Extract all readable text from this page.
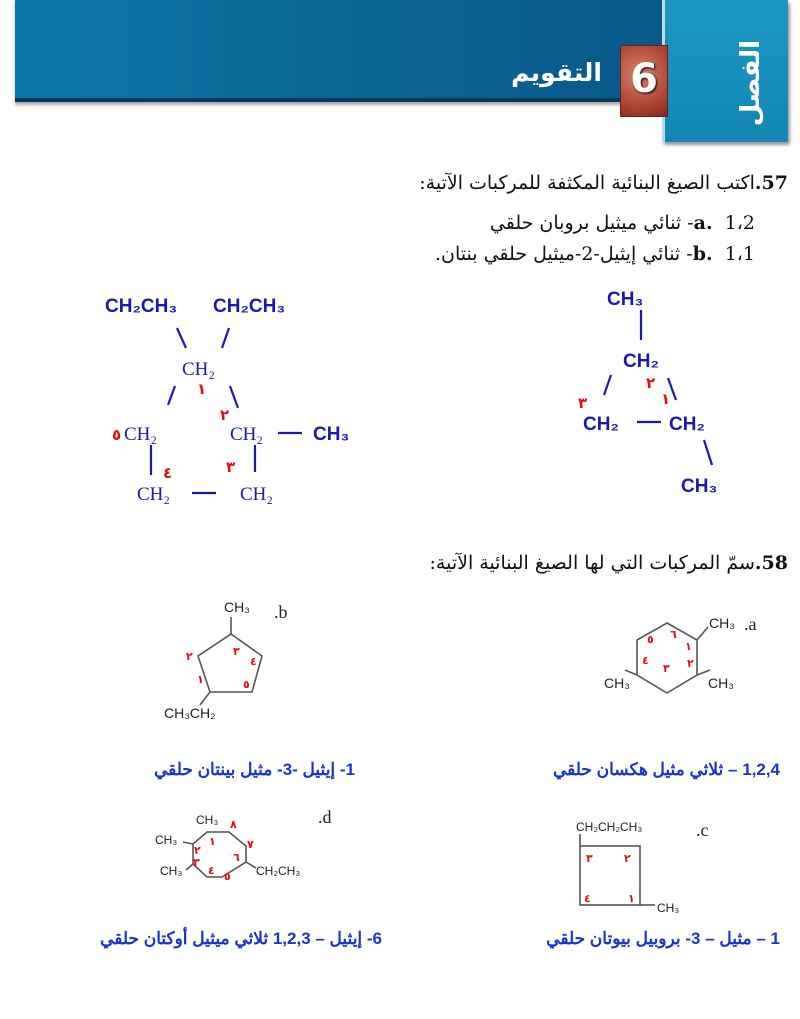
الفصل
6
التقويم
57.اكتب الصيغ البنائية المكثفة للمركبات الآتية:
a.  1،2- ثنائي ميثيل بروبان حلقي
b.  1،1- ثنائي إيثيل-2-ميثيل حلقي بنتان.
58.سمّ المركبات التي لها الصيغ البنائية الآتية:
1,2,4 – ثلاثي مثيل هكسان حلقي
1- إيثيل -3- مثيل بينتان حلقي
1 – مثيل – 3- بروبيل بيوتان حلقي
6- إيثيل – 1,2,3 ثلاثي ميثيل أوكتان حلقي
CH₂CH₃ CH₂CH₃
CH₂
١
٥ CH₂
٢
CH₂	CH₃
٤	٣
CH₂	CH₂
CH₃
CH₂
٢
٣	١
CH₂	CH₂
CH₃
CH₃ .a
CH₃
CH₃
٦
١
٥
٢
٤
٣
CH₃ .b
CH₃CH₂
٢	٣
٤
١	٥
CH₂CH₂CH₃	.c
CH₃
٣	٢
٤	١
CH₃	.d
CH₃
CH₃	CH₂CH₃
٨
١	٧
٢
٦
٣
٤ ٥
